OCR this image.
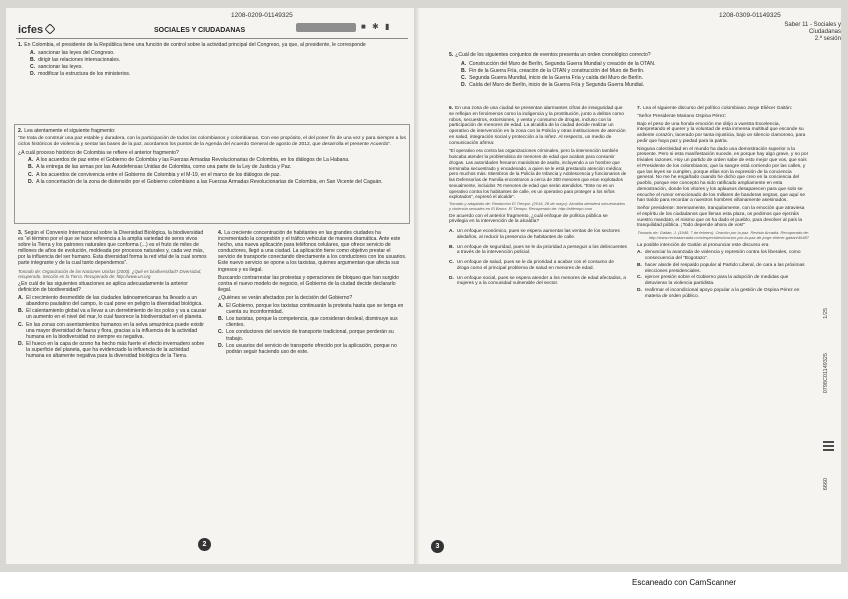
1208-0209-01149325
icfes	SOCIALES Y CIUDADANAS	■ ✱ ▮
1. En Colombia, el presidente de la República tiene una función de control sobre la actividad principal del Congreso, ya que, al presidente, le corresponde
A. sancionar las leyes del Congreso.
B. dirigir las relaciones internacionales.
C. sancionar las leyes.
D. modificar la estructura de los ministerios.
2. Lea atentamente el siguiente fragmento:
“Se trata de construir una paz estable y duradera, con la participación de todos los colombianos y colombianas. Con ese propósito, el del poner fin de una vez y para siempre a los ciclos históricos de violencia y sentar las bases de la paz, acordamos los puntos de la Agenda del Acuerdo General de agosto de 2012, que desarrolla el presente Acuerdo”.
¿A cuál proceso histórico de Colombia se refiere el anterior fragmento?
A. A los acuerdos de paz entre el Gobierno de Colombia y las Fuerzas Armadas Revolucionarias de Colombia, en los diálogos de La Habana.
B. A la entrega de las armas por las Autodefensas Unidas de Colombia, como una parte de la Ley de Justicia y Paz.
C. A los acuerdos de convivencia entre el Gobierno de Colombia y el M-19, en el marco de los diálogos de paz.
D. A la concertación de la zona de distensión por el Gobierno colombiano a las Fuerzas Armadas Revolucionarias de Colombia, en San Vicente del Caguán.
3. Según el Convenio Internacional sobre la Diversidad Biológica, la biodiversidad es “el término por el que se hace referencia a la amplia variedad de seres vivos sobre la Tierra y los patrones naturales que conforma (...) es el fruto de miles de millones de años de evolución, moldeada por procesos naturales y, cada vez más, por la influencia del ser humano. Esta diversidad forma la red vital de la cual somos parte integrante y de la cual tanto dependemos”.
Tomado de: Organización de las Naciones Unidas (2000). ¿Qué es biodiversidad? Diversidad, recuperado. Sección en la Tierra. Recuperado de: http://www.un.org
¿En cuál de las siguientes situaciones se aplica adecuadamente la anterior definición de biodiversidad?
A. El crecimiento desmedido de las ciudades latinoamericanas ha llevado a un abandono paulatino del campo, lo cual pone en peligro la diversidad biológica.
B. El calentamiento global va a llevar a un derretimiento de los polos y va a causar un aumento en el nivel del mar, lo cual favorece la biodiversidad en el planeta.
C. En las zonas con asentamientos humanos en la selva amazónica puede existir una mayor diversidad de fauna y flora, gracias a la influencia de la actividad humana en la biodiversidad no siempre es negativa.
D. El hueco en la capa de ozono ha hecho más fuerte el efecto invernadero sobre la superficie del planeta, que ha evidenciado la influencia de la actividad humana es altamente negativa para la diversidad biológica de la Tierra.
4. La creciente concentración de habitantes en las grandes ciudades ha incrementado la congestión y el tráfico vehicular de manera dramática. Ante este hecho, una nueva aplicación para teléfonos celulares, que ofrece servicio de conductores, llegó a una ciudad. La aplicación tiene como objetivo prestar el servicio de transporte conectando directamente a los conductores con los usuarios. Este nuevo servicio se opone a los taxistas, quienes argumentan que afecta sus ingresos y es ilegal.
Buscando contrarrestar las protestas y operaciones de bloqueo que han surgido contra el nuevo modelo de negocio, el Gobierno de la ciudad decide declararlo ilegal.
¿Quiénes se verán afectados por la decisión del Gobierno?
A. El Gobierno, porque los taxistas continuarán la protesta hasta que se tenga en cuenta su inconformidad.
B. Los taxistas, porque la competencia, que consideran desleal, disminuye sus clientes.
C. Los conductores del servicio de transporte tradicional, porque perderán su trabajo.
D. Los usuarios del servicio de transporte ofrecido por la aplicación, porque no podrán seguir haciendo uso de este.
2
1208-0309-01149325
Saber 11 - Sociales y Ciudadanas
2.ª sesión
5. ¿Cuál de los siguientes conjuntos de eventos presenta un orden cronológico correcto?
A. Construcción del Muro de Berlín, Segunda Guerra Mundial y creación de la OTAN.
B. Fin de la Guerra Fría, creación de la OTAN y construcción del Muro de Berlín.
C. Segunda Guerra Mundial, inicio de la Guerra Fría y caída del Muro de Berlín.
D. Caída del Muro de Berlín, inicio de la Guerra Fría y Segunda Guerra Mundial.
6. En una zona de una ciudad se presentan alarmantes cifras de inseguridad que se reflejan en fenómenos como la indigencia y la prostitución, junto a delitos como robos, secuestros, extorsiones, y venta y consumo de drogas, incluso con la participación de menores de edad. La alcaldía de la ciudad decide realizar un operativo de intervención en la zona con la Policía y otras instituciones de atención en salud, integración social y protección a la niñez. Al respecto, un medio de comunicación afirma:
“El operativo era contra las organizaciones criminales, pero la intervención también buscaba atender la problemática de menores de edad que acaban para consumir drogas. Las autoridades frenaron maniobras de asalto, incluyendo a un hombre que terminaba secuestrado y encadenado, a quien se le está prestando atención médica; pero muchos más. Miembros de la Policía de Infancia y Adolescencia y funcionarios de las Defensorías de Familia encontraron a cerca de 300 menores que eran explotados sexualmente, incluidos 76 menores de edad que serán atendidos. “Este no es un operativo contra los habitantes de calle, es un operativo para proteger a los niños explotados”, expresó el alcalde”.
Tomado y adaptado de: Redacción El Tiempo. (2016, 28 de mayo). Alcaldía atenderá secuestrados y violencia sexuales en El Bronx. El Tiempo. Recuperado de: http://eltiempo.com
De acuerdo con el anterior fragmento, ¿cuál enfoque de política pública se privilegia en la intervención de la alcaldía?
A. Un enfoque económico, pues se espera aumentar las ventas de los sectores aledaños, al reducir la presencia de habitantes de calle.
B. Un enfoque de seguridad, pues se le da prioridad a perseguir a los delincuentes a través de la intervención policial.
C. Un enfoque de salud, pues se le da prioridad a acabar con el consumo de droga como el principal problema de salud en menores de edad.
D. Un enfoque social, pues se espera atender a los menores de edad afectados, a mujeres y a la comunidad vulnerable del sector.
7. Lea el siguiente discurso del político colombiano Jorge Eliécer Gaitán:
“Señor Presidente Mariano Ospina Pérez:
Bajo el peso de una honda emoción me dirijo a vuestra Excelencia, interpretando el querer y la voluntad de esta inmensa multitud que esconde su ardiente corazón, lacerado por tanta injusticia, bajo un silencio clamoroso, para pedir que haya paz y piedad para la patria.
Ninguna colectividad en el mundo ha dado una demostración superior a la presente. Pero si esta manifestación sucede, es porque hay algo grave, y no por triviales razones. Hoy un partido de orden sabe de esto mejor que vos, que sois el Presidente de los colombianos, que la sangre está corriendo por las calles, y que las leyes se cumplen, porque ellas son la expresión de la conciencia general. No me he engañado cuando he dicho que creo en la conciencia del pueblo, porque ese concepto ha sido ratificado ampliamente en esta demostración, donde los vítores y los aplausos desaparecen para que solo se escuche el rumor emocionado de los millares de banderas negras, que aquí se han traído para recordar a nuestros hombres villanamente asesinados.
Señor presidente: Serenamente, tranquilamente, con la emoción que atraviesa el espíritu de los ciudadanos que llenan esta plaza, os pedimos que ejerzáis vuestro mandato, el mismo que os ha dado el pueblo, para devolver al país la tranquilidad pública. ¡Todo depende ahora de vos!”
Tomado de: Gaitán, J. (1948, 7 de febrero). Oración por la paz. Revista Arcadia. Recuperado de: http://www.revistaarcadia.com/especiales/oracion-por-la-paz-de-jorge-eliecer-gaitan/46487
La posible intención de Gaitán al pronunciar este discurso era
A. denunciar la avanzada de violencia y represión contra los liberales, como consecuencia del “Bogotazo”.
B. hacer alarde del respaldo popular al Partido Liberal, de cara a las próximas elecciones presidenciales.
C. ejercer presión sobre el Gobierno para la adopción de medidas que detuvieran la violencia partidista.
D. reafirmar el incondicional apoyo popular a la gestión de Ospina Pérez en materia de orden público.
1/25
0798C01149325
6660
3
Escaneado con CamScanner
